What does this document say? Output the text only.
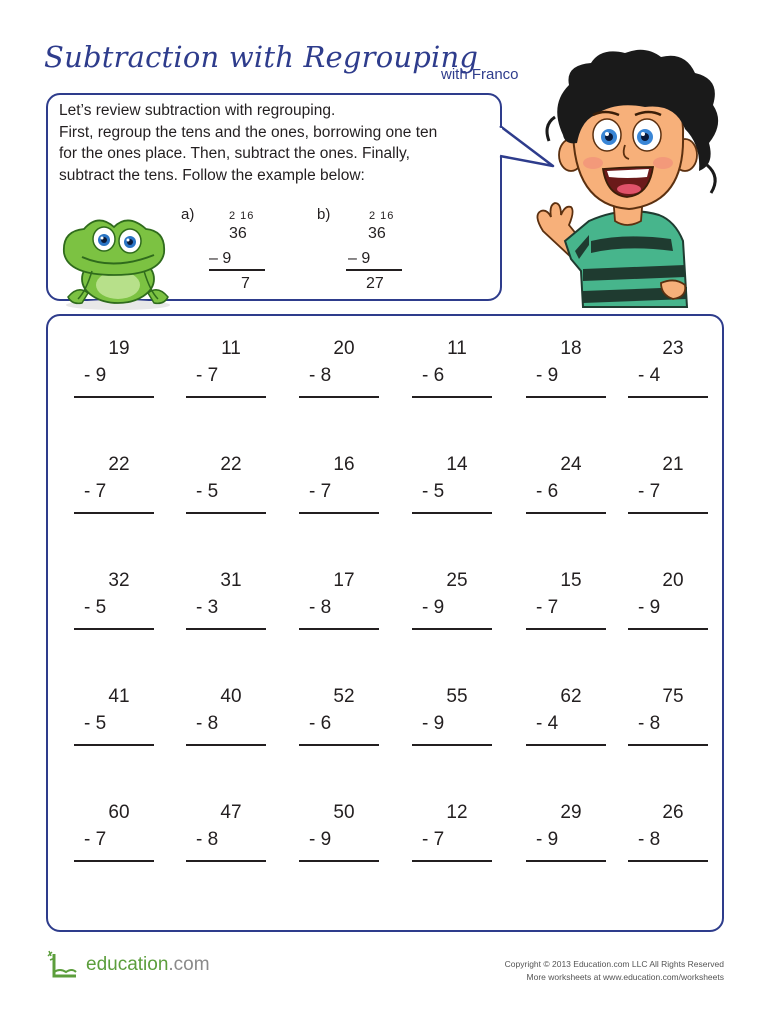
Subtraction with Regrouping
with Franco
Let’s review subtraction with regrouping.
First, regroup the tens and the ones, borrowing one ten
for the ones place. Then, subtract the ones. Finally,
subtract the tens. Follow the example below:
a)	2 16
36
– 9
7
b)	2 16
36
– 9
27
19
- 9
11
- 7
20
- 8
11
- 6
18
- 9
23
- 4
22
- 7
22
- 5
16
- 7
14
- 5
24
- 6
21
- 7
32
- 5
31
- 3
17
- 8
25
- 9
15
- 7
20
- 9
41
- 5
40
- 8
52
- 6
55
- 9
62
- 4
75
- 8
60
- 7
47
- 8
50
- 9
12
- 7
29
- 9
26
- 8
education.com	Copyright © 2013 Education.com LLC All Rights Reserved
More worksheets at www.education.com/worksheets
